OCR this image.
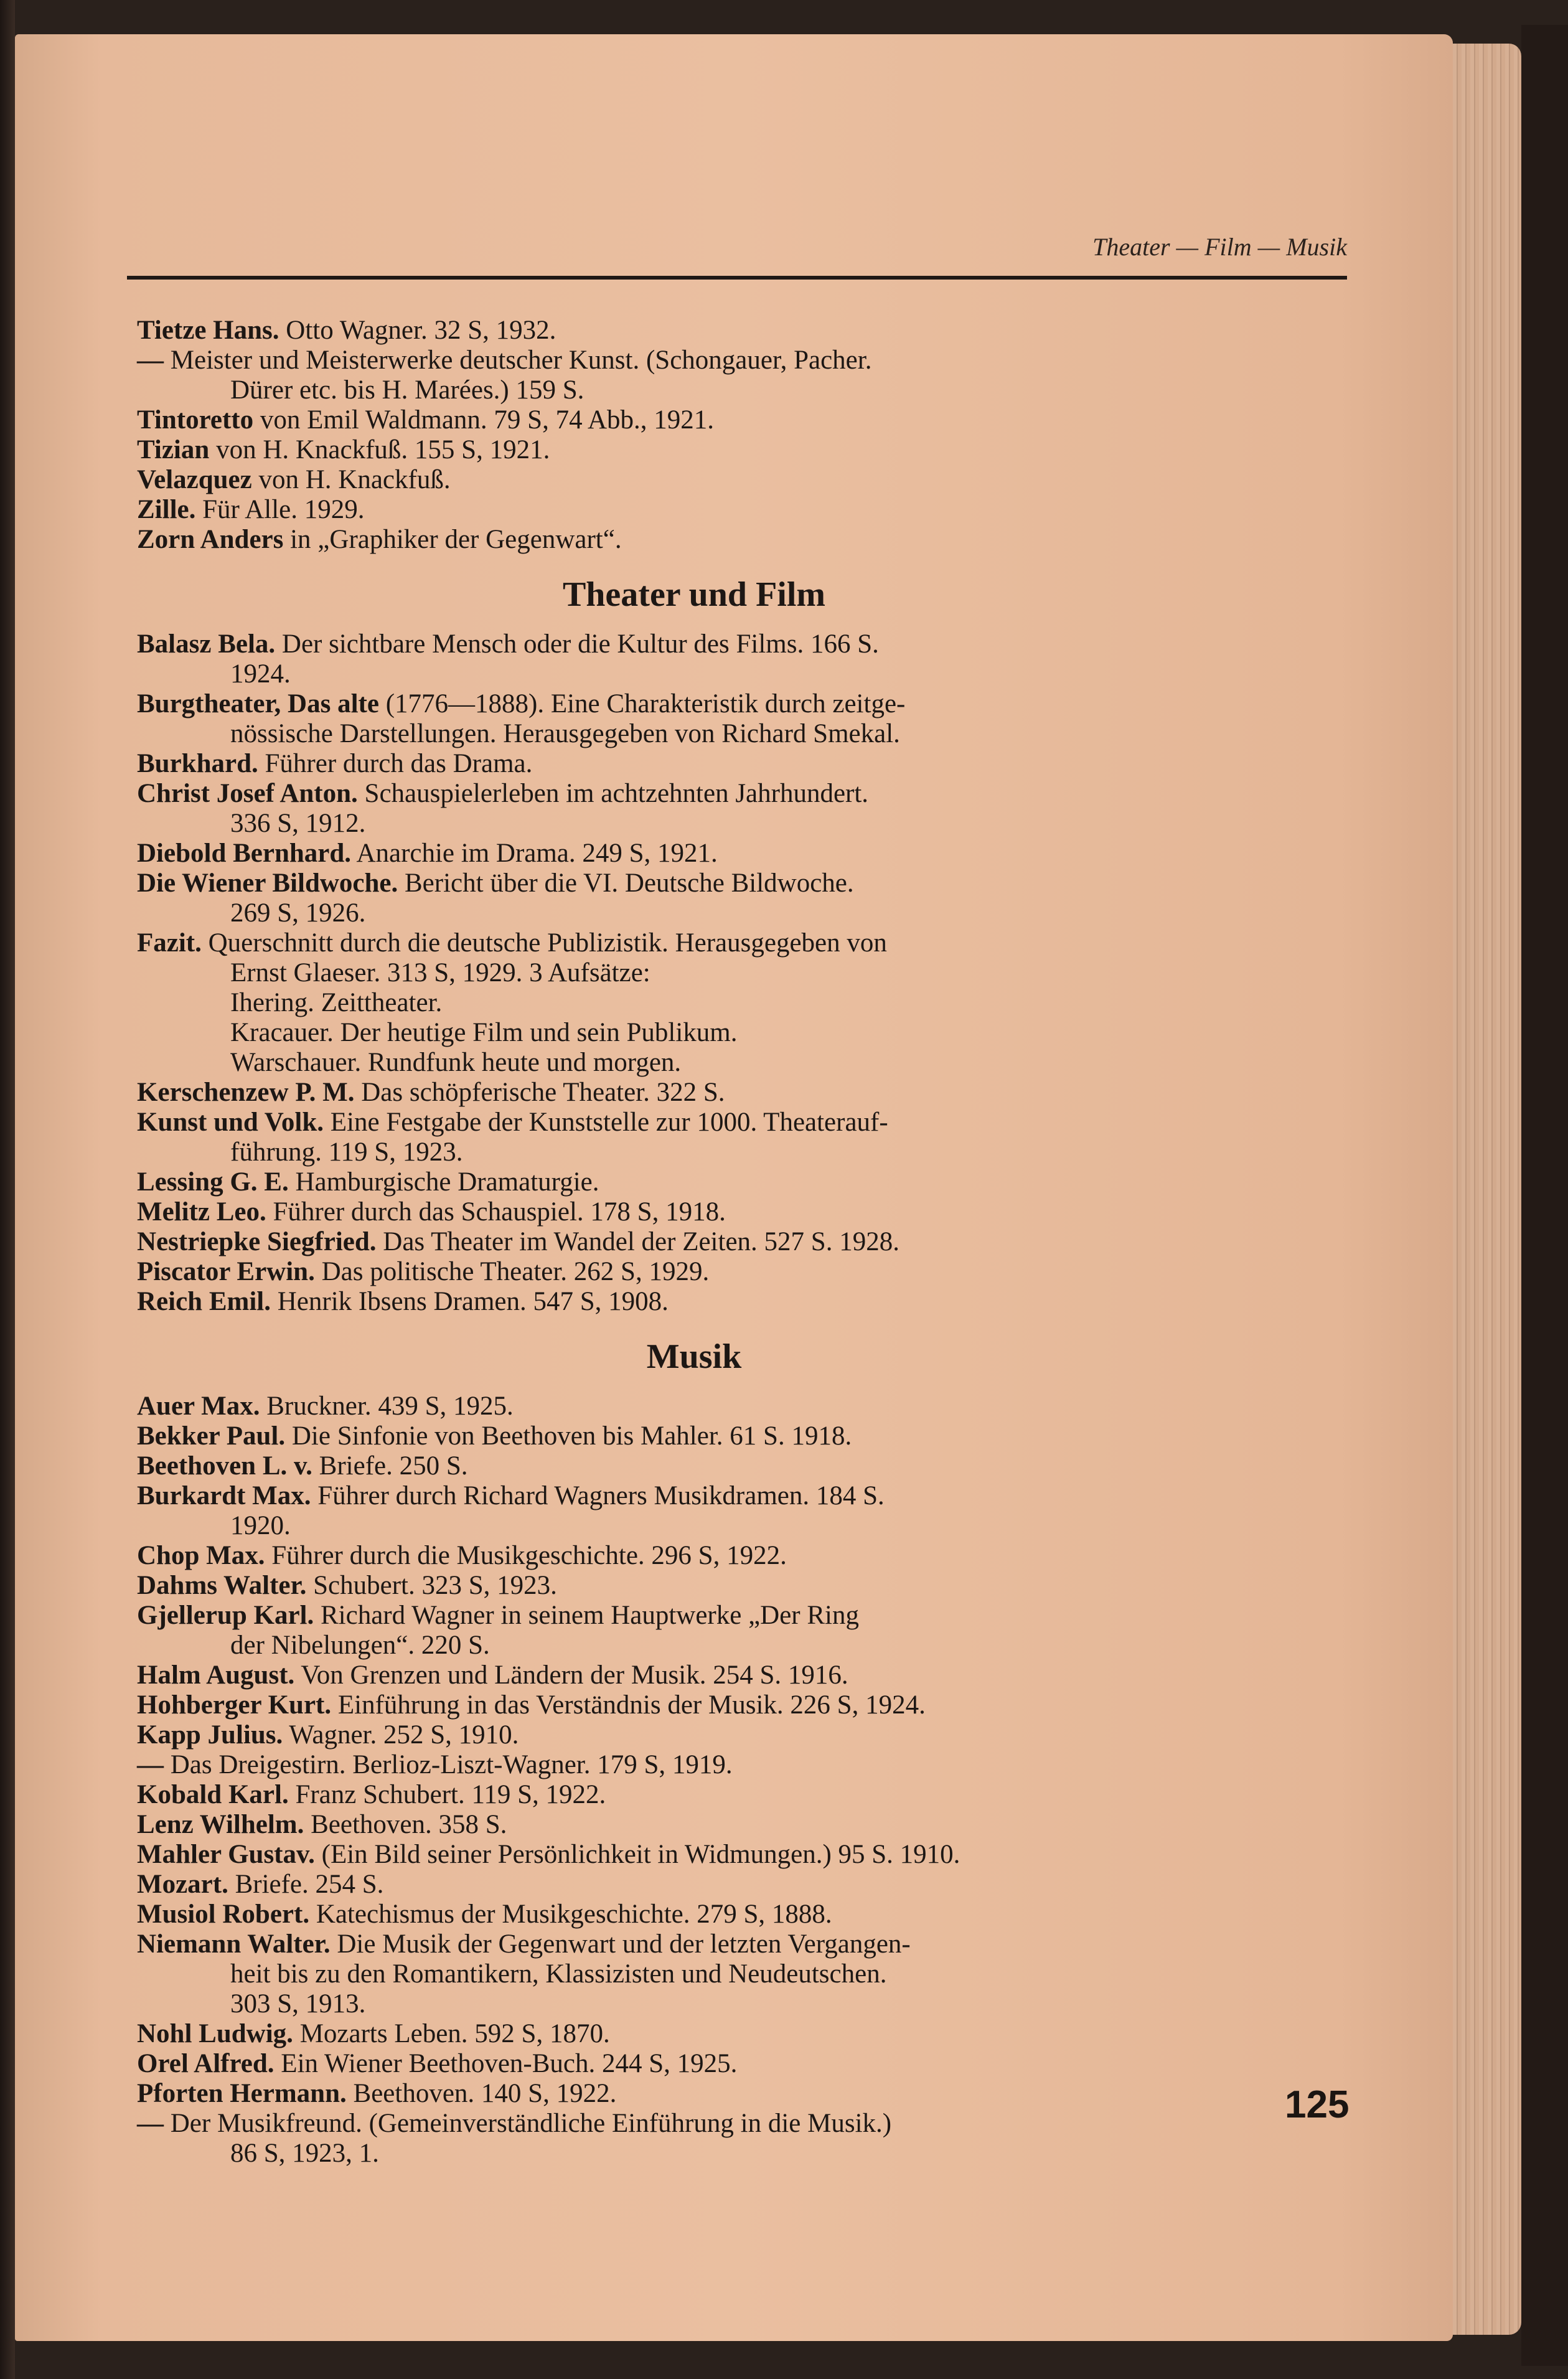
Theater — Film — Musik
Tietze Hans. Otto Wagner. 32 S, 1932.
— Meister und Meisterwerke deutscher Kunst. (Schongauer, Pacher.
Dürer etc. bis H. Marées.) 159 S.
Tintoretto von Emil Waldmann. 79 S, 74 Abb., 1921.
Tizian von H. Knackfuß. 155 S, 1921.
Velazquez von H. Knackfuß.
Zille. Für Alle. 1929.
Zorn Anders in „Graphiker der Gegenwart“.
Theater und Film
Balasz Bela. Der sichtbare Mensch oder die Kultur des Films. 166 S.
1924.
Burgtheater, Das alte (1776—1888). Eine Charakteristik durch zeitge-
nössische Darstellungen. Herausgegeben von Richard Smekal.
Burkhard. Führer durch das Drama.
Christ Josef Anton. Schauspielerleben im achtzehnten Jahrhundert.
336 S, 1912.
Diebold Bernhard. Anarchie im Drama. 249 S, 1921.
Die Wiener Bildwoche. Bericht über die VI. Deutsche Bildwoche.
269 S, 1926.
Fazit. Querschnitt durch die deutsche Publizistik. Herausgegeben von
Ernst Glaeser. 313 S, 1929. 3 Aufsätze:
Ihering. Zeittheater.
Kracauer. Der heutige Film und sein Publikum.
Warschauer. Rundfunk heute und morgen.
Kerschenzew P. M. Das schöpferische Theater. 322 S.
Kunst und Volk. Eine Festgabe der Kunststelle zur 1000. Theaterauf-
führung. 119 S, 1923.
Lessing G. E. Hamburgische Dramaturgie.
Melitz Leo. Führer durch das Schauspiel. 178 S, 1918.
Nestriepke Siegfried. Das Theater im Wandel der Zeiten. 527 S. 1928.
Piscator Erwin. Das politische Theater. 262 S, 1929.
Reich Emil. Henrik Ibsens Dramen. 547 S, 1908.
Musik
Auer Max. Bruckner. 439 S, 1925.
Bekker Paul. Die Sinfonie von Beethoven bis Mahler. 61 S. 1918.
Beethoven L. v. Briefe. 250 S.
Burkardt Max. Führer durch Richard Wagners Musikdramen. 184 S.
1920.
Chop Max. Führer durch die Musikgeschichte. 296 S, 1922.
Dahms Walter. Schubert. 323 S, 1923.
Gjellerup Karl. Richard Wagner in seinem Hauptwerke „Der Ring
der Nibelungen“. 220 S.
Halm August. Von Grenzen und Ländern der Musik. 254 S. 1916.
Hohberger Kurt. Einführung in das Verständnis der Musik. 226 S, 1924.
Kapp Julius. Wagner. 252 S, 1910.
— Das Dreigestirn. Berlioz-Liszt-Wagner. 179 S, 1919.
Kobald Karl. Franz Schubert. 119 S, 1922.
Lenz Wilhelm. Beethoven. 358 S.
Mahler Gustav. (Ein Bild seiner Persönlichkeit in Widmungen.) 95 S. 1910.
Mozart. Briefe. 254 S.
Musiol Robert. Katechismus der Musikgeschichte. 279 S, 1888.
Niemann Walter. Die Musik der Gegenwart und der letzten Vergangen-
heit bis zu den Romantikern, Klassizisten und Neudeutschen.
303 S, 1913.
Nohl Ludwig. Mozarts Leben. 592 S, 1870.
Orel Alfred. Ein Wiener Beethoven-Buch. 244 S, 1925.
Pforten Hermann. Beethoven. 140 S, 1922.
— Der Musikfreund. (Gemeinverständliche Einführung in die Musik.)
86 S, 1923, 1.
125
